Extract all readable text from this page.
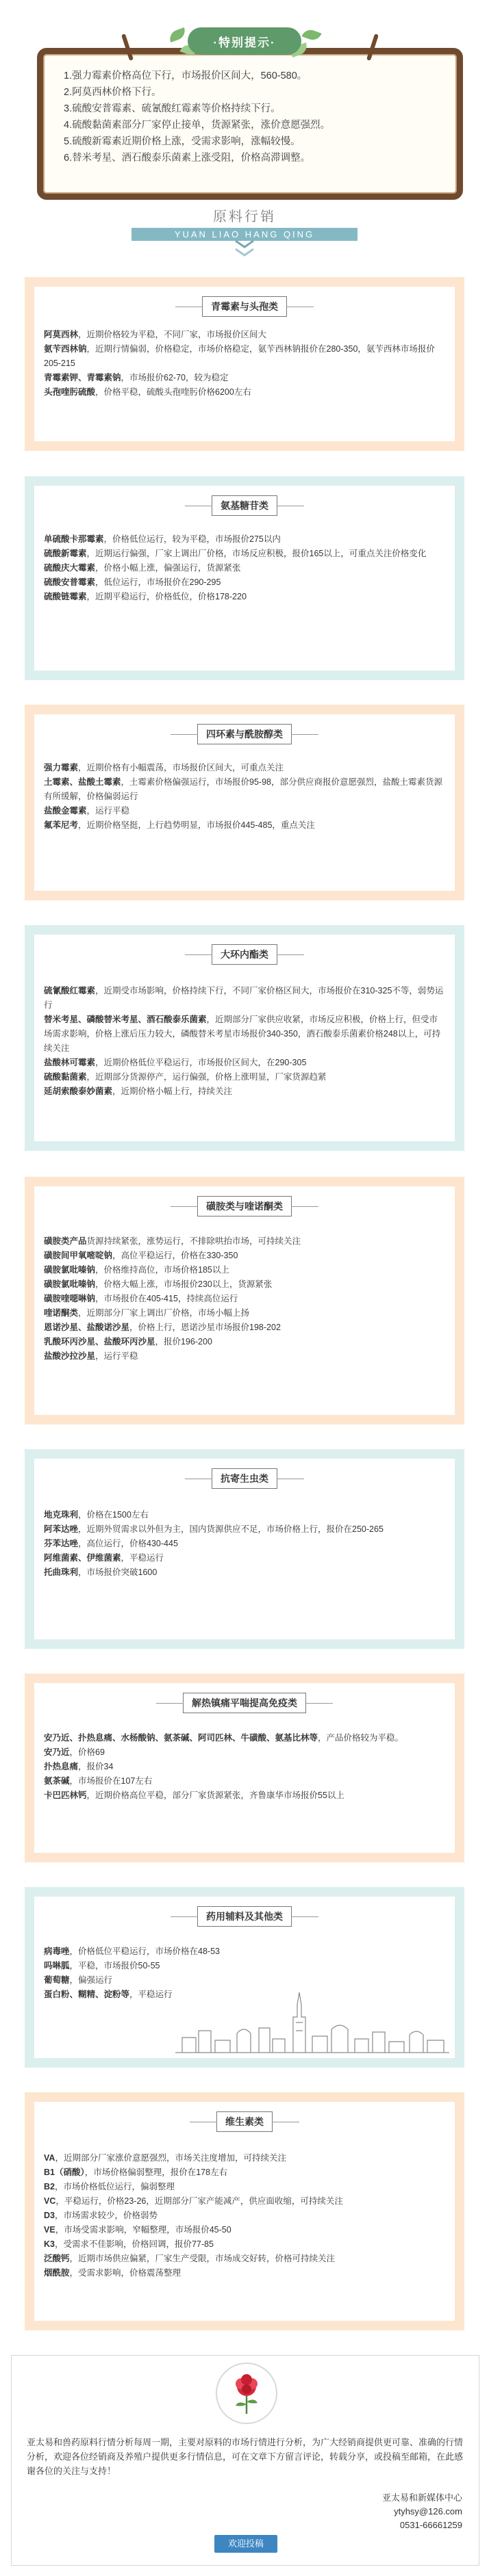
1.强力霉素价格高位下行，市场报价区间大，560-580。
2.阿莫西林价格下行。
3.硫酸安普霉素、硫氰酸红霉素等价格持续下行。
4.硫酸黏菌素部分厂家停止接单，货源紧张，涨价意愿强烈。
5.硫酸新霉素近期价格上涨，受需求影响，涨幅较慢。
6.替米考星、酒石酸泰乐菌素上涨受阻，价格高滞调整。
·特别提示·
原料行销
YUAN LIAO HANG QING
青霉素与头孢类
阿莫西林，近期价格较为平稳，不同厂家，市场报价区间大
氨苄西林钠，近期行情偏弱，价格稳定，市场价格稳定，氨苄西林钠报价在280-350，氨苄西林市场报价205-215
青霉素钾、青霉素钠，市场报价62-70，较为稳定
头孢喹肟硫酸，价格平稳，硫酸头孢喹肟价格6200左右
氨基糖苷类
单硫酸卡那霉素，价格低位运行，较为平稳，市场报价275以内
硫酸新霉素，近期运行偏强，厂家上调出厂价格，市场反应积极，报价165以上，可重点关注价格变化
硫酸庆大霉素，价格小幅上涨，偏强运行，货源紧张
硫酸安普霉素，低位运行，市场报价在290-295
硫酸链霉素，近期平稳运行，价格低位，价格178-220
四环素与酰胺醇类
强力霉素，近期价格有小幅震荡，市场报价区间大，可重点关注
土霉素、盐酸土霉素，土霉素价格偏强运行，市场报价95-98，部分供应商报价意愿强烈，盐酸土霉素货源有所缓解，价格偏弱运行
盐酸金霉素，运行平稳
氟苯尼考，近期价格坚挺，上行趋势明显，市场报价445-485，重点关注
大环内酯类
硫氰酸红霉素，近期受市场影响，价格持续下行，不同厂家价格区间大，市场报价在310-325不等，弱势运行
替米考星、磷酸替米考星、酒石酸泰乐菌素，近期部分厂家供应收紧，市场反应积极，价格上行，但受市场需求影响，价格上涨后压力较大，磷酸替米考星市场报价340-350，酒石酸泰乐菌素价格248以上，可持续关注
盐酸林可霉素，近期价格低位平稳运行，市场报价区间大，在290-305
硫酸黏菌素，近期部分货源停产，运行偏强，价格上涨明显，厂家货源趋紧
延胡索酸泰妙菌素，近期价格小幅上行，持续关注
磺胺类与喹诺酮类
磺胺类产品货源持续紧张，涨势运行，不排除哄抬市场，可持续关注
磺胺间甲氧嘧啶钠，高位平稳运行，价格在330-350
磺胺氯吡嗪钠，价格维持高位，市场价格185以上
磺胺氯吡嗪钠，价格大幅上涨，市场报价230以上，货源紧张
磺胺喹噁啉钠，市场报价在405-415，持续高位运行
喹诺酮类，近期部分厂家上调出厂价格，市场小幅上扬
恩诺沙星、盐酸诺沙星，价格上行，恩诺沙星市场报价198-202
乳酸环丙沙星、盐酸环丙沙星，报价196-200
盐酸沙拉沙星，运行平稳
抗寄生虫类
地克珠利，价格在1500左右
阿苯达唑，近期外贸需求以外但为主，国内货源供应不足，市场价格上行，报价在250-265
芬苯达唑，高位运行，价格430-445
阿维菌素、伊维菌素，平稳运行
托曲珠利，市场报价突破1600
解热镇痛平喘提高免疫类
安乃近、扑热息痛、水杨酸钠、氨茶碱、阿司匹林、牛磺酸、氨基比林等，产品价格较为平稳。
安乃近，价格69
扑热息痛，报价34
氨茶碱，市场报价在107左右
卡巴匹林钙，近期价格高位平稳，部分厂家货源紧张，齐鲁康华市场报价55以上
药用辅料及其他类
病毒唑，价格低位平稳运行，市场价格在48-53
吗啉胍，平稳，市场报价50-55
葡萄糖，偏强运行
蛋白粉、糊精、淀粉等，平稳运行
维生素类
VA，近期部分厂家涨价意愿强烈，市场关注度增加，可持续关注
B1（硝酸），市场价格偏弱整理，报价在178左右
B2，市场价格低位运行，偏弱整理
VC，平稳运行，价格23-26，近期部分厂家产能减产，供应面收缩，可持续关注
D3，市场需求较少，价格弱势
VE，市场受需求影响，窄幅整理，市场报价45-50
K3，受需求不佳影响，价格回调，报价77-85
泛酸钙，近期市场供应偏紧，厂家生产受限，市场成交好转，价格可持续关注
烟酰胺，受需求影响，价格震荡整理
亚太易和兽药原料行情分析每周一期，主要对原料的市场行情进行分析，为广大经销商提供更可靠、准确的行情分析，欢迎各位经销商及养殖户提供更多行情信息，可在文章下方留言评论，转载分享，或投稿至邮箱，在此感谢各位的关注与支持！
亚太易和新媒体中心
ytyhsy@126.com
0531-66661259
欢迎投稿
